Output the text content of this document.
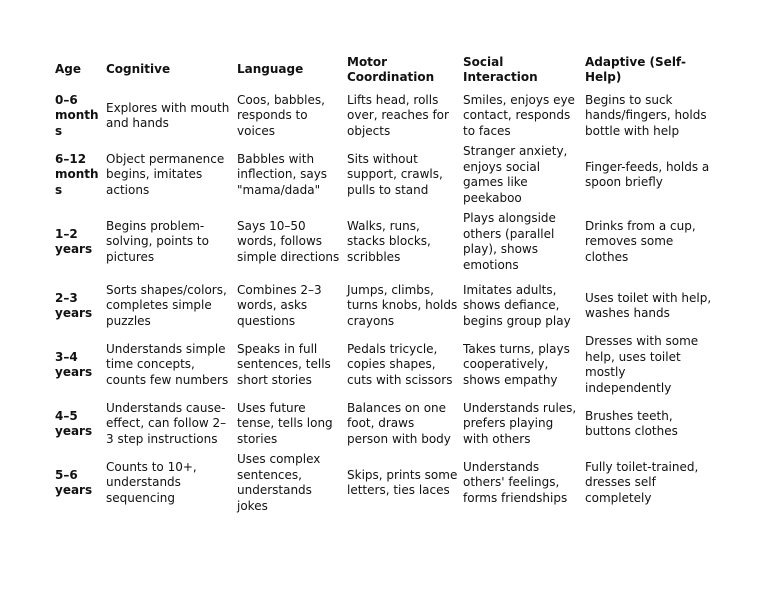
Age	Cognitive	Language	Motor Coordination	Social Interaction	Adaptive (Self-Help)
0–6 months	Explores with mouth and hands	Coos, babbles, responds to voices	Lifts head, rolls over, reaches for objects	Smiles, enjoys eye contact, responds to faces	Begins to suck hands/fingers, holds bottle with help
6–12 months	Object permanence begins, imitates actions	Babbles with inflection, says "mama/dada"	Sits without support, crawls, pulls to stand	Stranger anxiety, enjoys social games like peekaboo	Finger-feeds, holds a spoon briefly
1–2 years	Begins problem-solving, points to pictures	Says 10–50 words, follows simple directions	Walks, runs, stacks blocks, scribbles	Plays alongside others (parallel play), shows emotions	Drinks from a cup, removes some clothes
2–3 years	Sorts shapes/colors, completes simple puzzles	Combines 2–3 words, asks questions	Jumps, climbs, turns knobs, holds crayons	Imitates adults, shows defiance, begins group play	Uses toilet with help, washes hands
3–4 years	Understands simple time concepts, counts few numbers	Speaks in full sentences, tells short stories	Pedals tricycle, copies shapes, cuts with scissors	Takes turns, plays cooperatively, shows empathy	Dresses with some help, uses toilet mostly independently
4–5 years	Understands cause-effect, can follow 2–3 step instructions	Uses future tense, tells long stories	Balances on one foot, draws person with body	Understands rules, prefers playing with others	Brushes teeth, buttons clothes
5–6 years	Counts to 10+, understands sequencing	Uses complex sentences, understands jokes	Skips, prints some letters, ties laces	Understands others' feelings, forms friendships	Fully toilet-trained, dresses self completely
